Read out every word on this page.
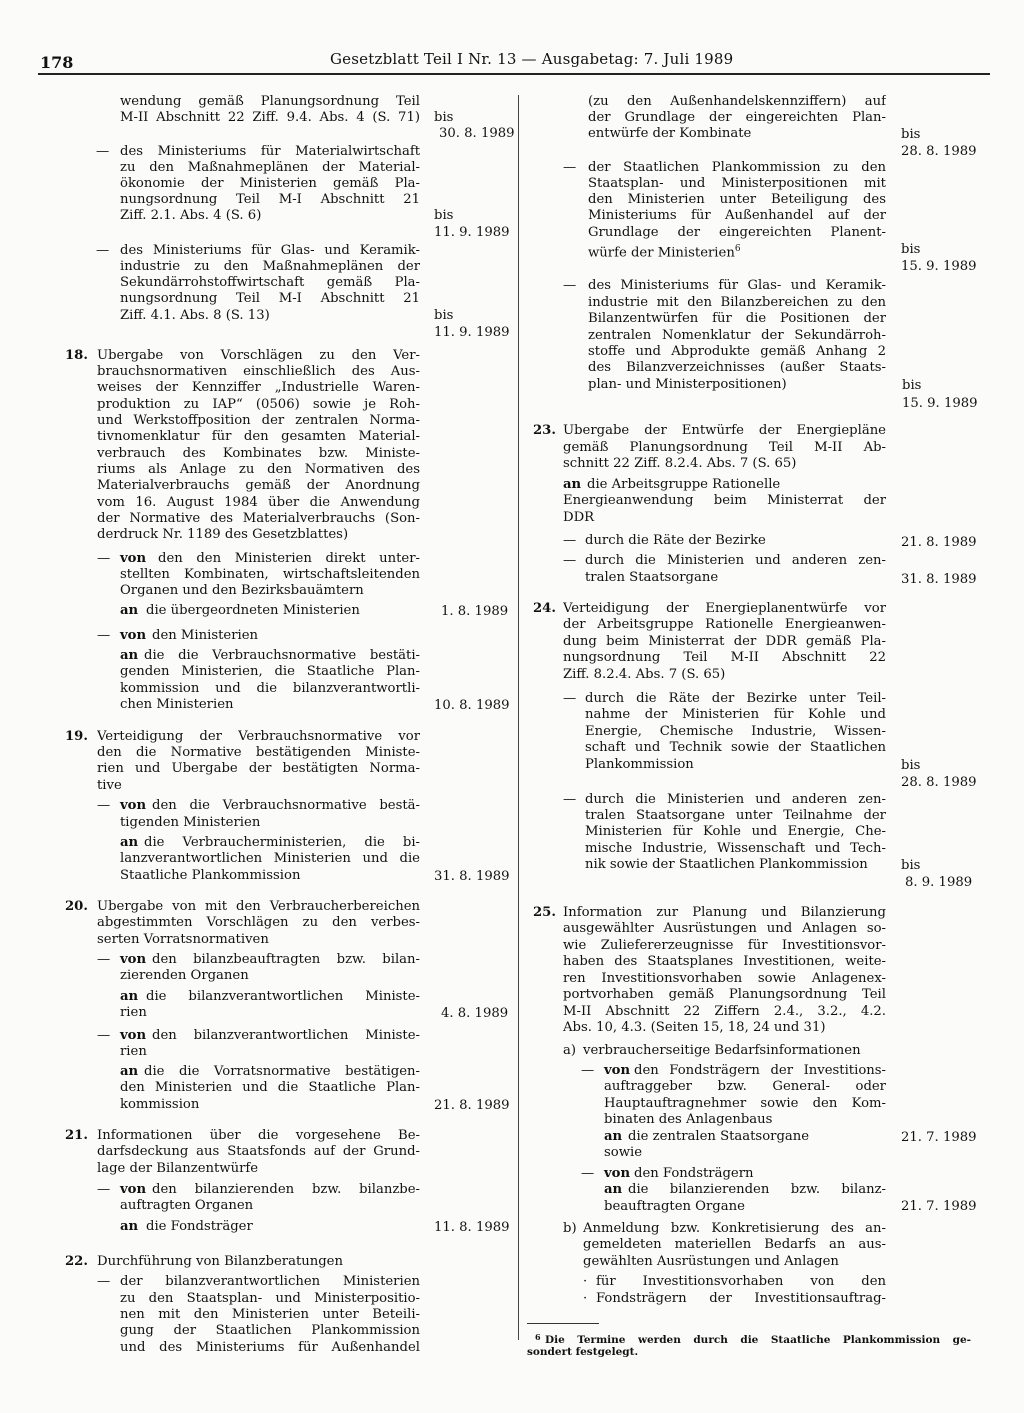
178	Gesetzblatt Teil I Nr. 13 — Ausgabetag: 7. Juli 1989
wendung gemäß Planungsordnung Teil
M-II Abschnitt 22 Ziff. 9.4. Abs. 4 (S. 71) bis
30. 8. 1989
— des Ministeriums für Materialwirtschaft
zu den Maßnahmeplänen der Material-
ökonomie der Ministerien gemäß Pla-
nungsordnung Teil M-I Abschnitt 21
Ziff. 2.1. Abs. 4 (S. 6)	bis
11. 9. 1989
— des Ministeriums für Glas- und Keramik-
industrie zu den Maßnahmeplänen der
Sekundärrohstoffwirtschaft gemäß Pla-
nungsordnung Teil M-I Abschnitt 21
Ziff. 4.1. Abs. 8 (S. 13)	bis
11. 9. 1989
18. Übergabe von Vorschlägen zu den Ver-
brauchsnormativen einschließlich des Aus-
weises der Kennziffer „Industrielle Waren-
produktion zu IAP“ (0506) sowie je Roh-
und Werkstoffposition der zentralen Norma-
tivnomenklatur für den gesamten Material-
verbrauch des Kombinates bzw. Ministe-
riums als Anlage zu den Normativen des
Materialverbrauchs gemäß der Anordnung
vom 16. August 1984 über die Anwendung
der Normative des Materialverbrauchs (Son-
derdruck Nr. 1189 des Gesetzblattes)
— von den den Ministerien direkt unter-
stellten Kombinaten, wirtschaftsleitenden
Organen und den Bezirksbauämtern
an die übergeordneten Ministerien	1. 8. 1989
— von den Ministerien
an die die Verbrauchsnormative bestäti-
genden Ministerien, die Staatliche Plan-
kommission und die bilanzverantwortli-
chen Ministerien	10. 8. 1989
19. Verteidigung der Verbrauchsnormative vor
den die Normative bestätigenden Ministe-
rien und Übergabe der bestätigten Norma-
tive
— von den die Verbrauchsnormative bestä-
tigenden Ministerien
an die Verbraucherministerien, die bi-
lanzverantwortlichen Ministerien und die
Staatliche Plankommission	31. 8. 1989
20. Übergabe von mit den Verbraucherbereichen
abgestimmten Vorschlägen zu den verbes-
serten Vorratsnormativen
— von den bilanzbeauftragten bzw. bilan-
zierenden Organen
an die bilanzverantwortlichen Ministe-
rien	4. 8. 1989
— von den bilanzverantwortlichen Ministe-
rien
an die die Vorratsnormative bestätigen-
den Ministerien und die Staatliche Plan-
kommission	21. 8. 1989
21. Informationen über die vorgesehene Be-
darfsdeckung aus Staatsfonds auf der Grund-
lage der Bilanzentwürfe
— von den bilanzierenden bzw. bilanzbe-
auftragten Organen
an die Fondsträger	11. 8. 1989
22. Durchführung von Bilanzberatungen
— der bilanzverantwortlichen Ministerien
zu den Staatsplan- und Ministerpositio-
nen mit den Ministerien unter Beteili-
gung der Staatlichen Plankommission
und des Ministeriums für Außenhandel
(zu den Außenhandelskennziffern) auf
der Grundlage der eingereichten Plan-
entwürfe der Kombinate	bis
28. 8. 1989
— der Staatlichen Plankommission zu den
Staatsplan- und Ministerpositionen mit
den Ministerien unter Beteiligung des
Ministeriums für Außenhandel auf der
Grundlage der eingereichten Planent-
würfe der Ministerien$^6$	bis
15. 9. 1989
— des Ministeriums für Glas- und Keramik-
industrie mit den Bilanzbereichen zu den
Bilanzentwürfen für die Positionen der
zentralen Nomenklatur der Sekundärroh-
stoffe und Abprodukte gemäß Anhang 2
des Bilanzverzeichnisses (außer Staats-
plan- und Ministerpositionen)	bis
15. 9. 1989
23. Übergabe der Entwürfe der Energiepläne
gemäß Planungsordnung Teil M-II Ab-
schnitt 22 Ziff. 8.2.4. Abs. 7 (S. 65)
an die Arbeitsgruppe Rationelle
Energieanwendung beim Ministerrat der
DDR
— durch die Räte der Bezirke	21. 8. 1989
— durch die Ministerien und anderen zen-
tralen Staatsorgane	31. 8. 1989
24. Verteidigung der Energieplanentwürfe vor
der Arbeitsgruppe Rationelle Energieanwen-
dung beim Ministerrat der DDR gemäß Pla-
nungsordnung Teil M-II Abschnitt 22
Ziff. 8.2.4. Abs. 7 (S. 65)
— durch die Räte der Bezirke unter Teil-
nahme der Ministerien für Kohle und
Energie, Chemische Industrie, Wissen-
schaft und Technik sowie der Staatlichen
Plankommission	bis
28. 8. 1989
— durch die Ministerien und anderen zen-
tralen Staatsorgane unter Teilnahme der
Ministerien für Kohle und Energie, Che-
mische Industrie, Wissenschaft und Tech-
nik sowie der Staatlichen Plankommission	bis
8. 9. 1989
25. Information zur Planung und Bilanzierung
ausgewählter Ausrüstungen und Anlagen so-
wie Zuliefererzeugnisse für Investitionsvor-
haben des Staatsplanes Investitionen, weite-
ren Investitionsvorhaben sowie Anlagenex-
portvorhaben gemäß Planungsordnung Teil
M-II Abschnitt 22 Ziffern 2.4., 3.2., 4.2.
Abs. 10, 4.3. (Seiten 15, 18, 24 und 31)
a) verbraucherseitige Bedarfsinformationen
— von den Fondsträgern der Investitions-
auftraggeber bzw. General- oder
Hauptauftragnehmer sowie den Kom-
binaten des Anlagenbaus
an die zentralen Staatsorgane	21. 7. 1989
sowie
— von den Fondsträgern
an die bilanzierenden bzw. bilanz-
beauftragten Organe	21. 7. 1989
b) Anmeldung bzw. Konkretisierung des an-
gemeldeten materiellen Bedarfs an aus-
gewählten Ausrüstungen und Anlagen
· für Investitionsvorhaben von den
· Fondsträgern der Investitionsauftrag-
6 Die Termine werden durch die Staatliche Plankommission ge-
sondert festgelegt.
